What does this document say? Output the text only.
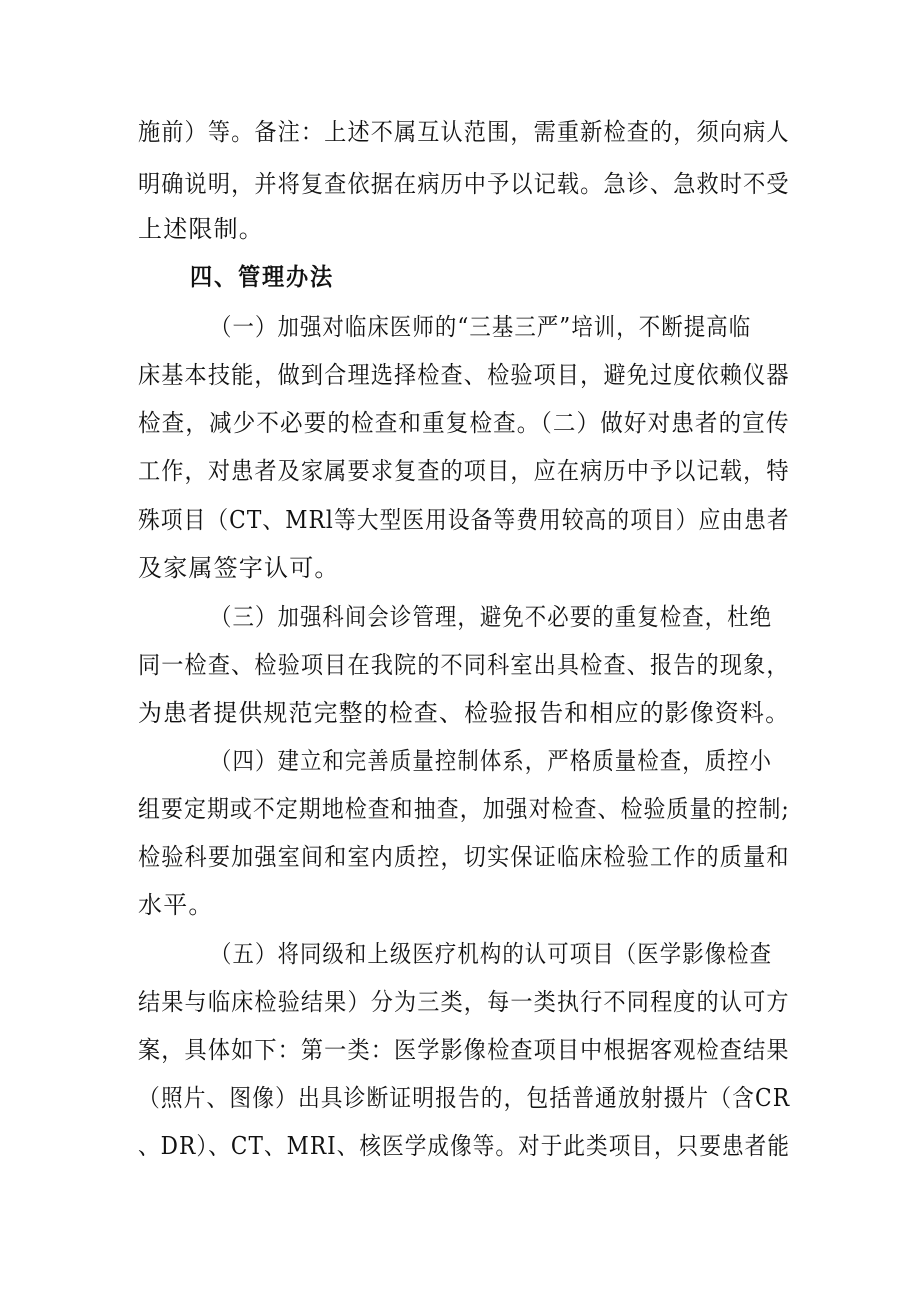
施前）等。备注：上述不属互认范围，需重新检查的，须向病人
明确说明，并将复查依据在病历中予以记载。急诊、急救时不受
上述限制。
四、管理办法
（一）加强对临床医师的“三基三严”培训，不断提高临
床基本技能，做到合理选择检查、检验项目，避免过度依赖仪器
检查，减少不必要的检查和重复检查。（二）做好对患者的宣传
工作，对患者及家属要求复查的项目，应在病历中予以记载，特
殊项目（CT、MRl等大型医用设备等费用较高的项目）应由患者
及家属签字认可。
（三）加强科间会诊管理，避免不必要的重复检查，杜绝
同一检查、检验项目在我院的不同科室出具检查、报告的现象，
为患者提供规范完整的检查、检验报告和相应的影像资料。
（四）建立和完善质量控制体系，严格质量检查，质控小
组要定期或不定期地检查和抽查，加强对检查、检验质量的控制;
检验科要加强室间和室内质控，切实保证临床检验工作的质量和
水平。
（五）将同级和上级医疗机构的认可项目（医学影像检查
结果与临床检验结果）分为三类，每一类执行不同程度的认可方
案，具体如下：第一类：医学影像检查项目中根据客观检查结果
（照片、图像）出具诊断证明报告的，包括普通放射摄片（含CR
、DR）、CT、MRI、核医学成像等。对于此类项目，只要患者能
